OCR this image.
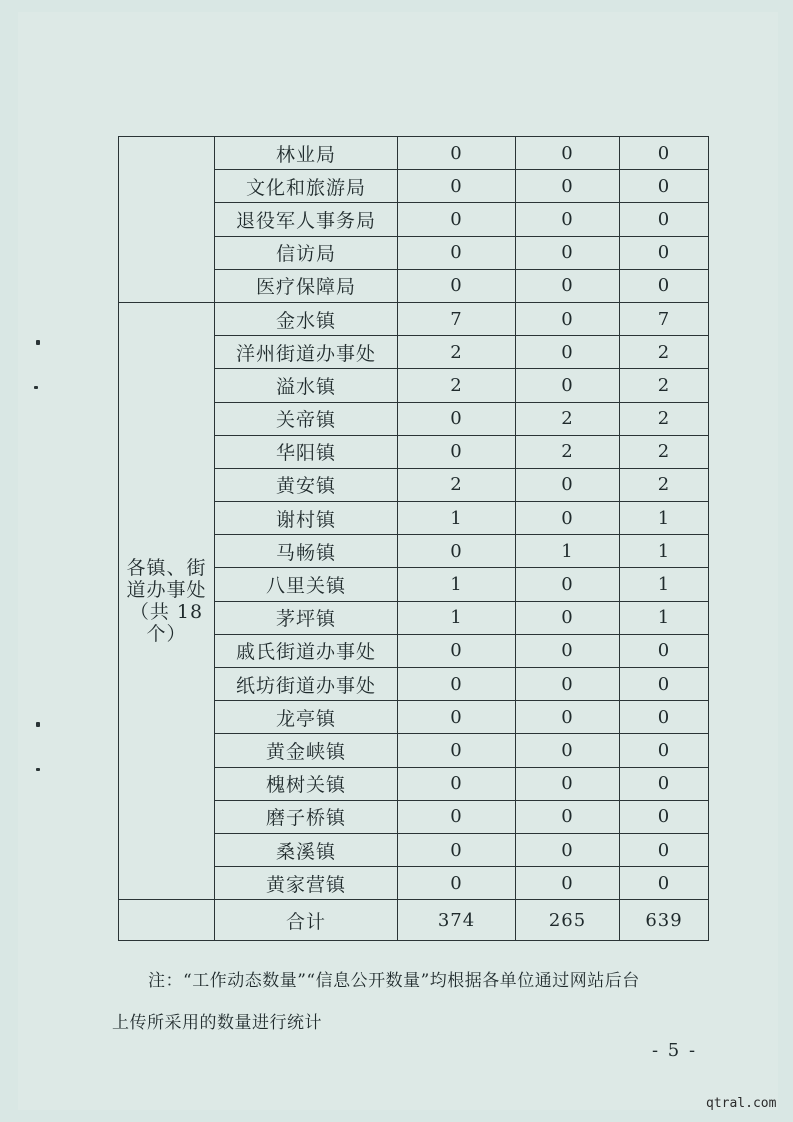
	林业局	0	0	0
	文化和旅游局	0	0	0
	退役军人事务局	0	0	0
	信访局	0	0	0
	医疗保障局	0	0	0
各镇、街道办事处（共 18 个）	金水镇	7	0	7
	洋州街道办事处	2	0	2
	溢水镇	2	0	2
	关帝镇	0	2	2
	华阳镇	0	2	2
	黄安镇	2	0	2
	谢村镇	1	0	1
	马畅镇	0	1	1
	八里关镇	1	0	1
	茅坪镇	1	0	1
	戚氏街道办事处	0	0	0
	纸坊街道办事处	0	0	0
	龙亭镇	0	0	0
	黄金峡镇	0	0	0
	槐树关镇	0	0	0
	磨子桥镇	0	0	0
	桑溪镇	0	0	0
	黄家营镇	0	0	0
	合计	374	265	639
注：“工作动态数量”“信息公开数量”均根据各单位通过网站后台
上传所采用的数量进行统计
- 5 -
qtral.com
